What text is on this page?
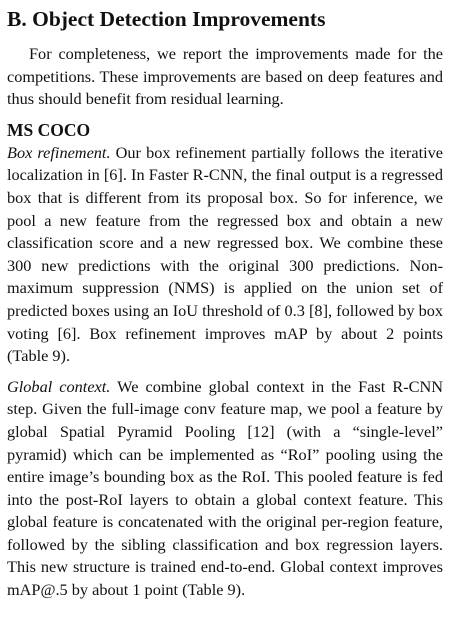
B. Object Detection Improvements

For completeness, we report the improvements made for the competitions. These improvements are based on deep features and thus should benefit from residual learning.

MS COCO

Box refinement. Our box refinement partially follows the iterative localization in [6]. In Faster R-CNN, the final output is a regressed box that is different from its proposal box. So for inference, we pool a new feature from the regressed box and obtain a new classification score and a new regressed box. We combine these 300 new predictions with the original 300 predictions. Non-maximum suppression (NMS) is applied on the union set of predicted boxes using an IoU threshold of 0.3 [8], followed by box voting [6]. Box refinement improves mAP by about 2 points (Table 9).

Global context. We combine global context in the Fast R-CNN step. Given the full-image conv feature map, we pool a feature by global Spatial Pyramid Pooling [12] (with a “single-level” pyramid) which can be implemented as “RoI” pooling using the entire image’s bounding box as the RoI. This pooled feature is fed into the post-RoI layers to obtain a global context feature. This global feature is concatenated with the original per-region feature, followed by the sibling classification and box regression layers. This new structure is trained end-to-end. Global context improves mAP@.5 by about 1 point (Table 9).
